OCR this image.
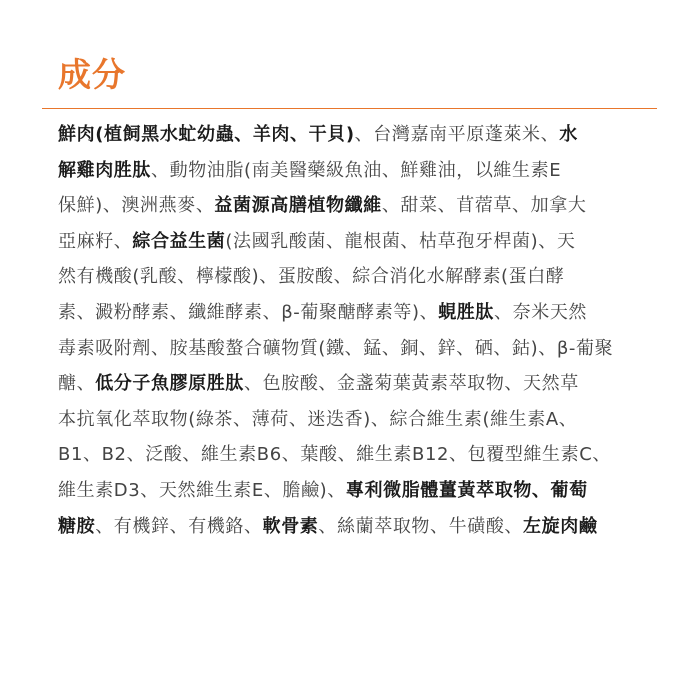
成分
鮮肉(植飼黑水虻幼蟲、羊肉、干貝)、台灣嘉南平原蓬萊米、水
解雞肉胜肽、動物油脂(南美醫藥級魚油、鮮雞油，以維生素E
保鮮)、澳洲燕麥、益菌源高膳植物纖維、甜菜、苜蓿草、加拿大
亞麻籽、綜合益生菌(法國乳酸菌、龍根菌、枯草孢牙桿菌)、天
然有機酸(乳酸、檸檬酸)、蛋胺酸、綜合消化水解酵素(蛋白酵
素、澱粉酵素、纖維酵素、β-葡聚醣酵素等)、蜆胜肽、奈米天然
毒素吸附劑、胺基酸螯合礦物質(鐵、錳、銅、鋅、硒、鈷)、β-葡聚
醣、低分子魚膠原胜肽、色胺酸、金盞菊葉黃素萃取物、天然草
本抗氧化萃取物(綠茶、薄荷、迷迭香)、綜合維生素(維生素A、
B1、B2、泛酸、維生素B6、葉酸、維生素B12、包覆型維生素C、
維生素D3、天然維生素E、膽鹼)、專利微脂體薑黃萃取物、葡萄
糖胺、有機鋅、有機鉻、軟骨素、絲蘭萃取物、牛磺酸、左旋肉鹼
